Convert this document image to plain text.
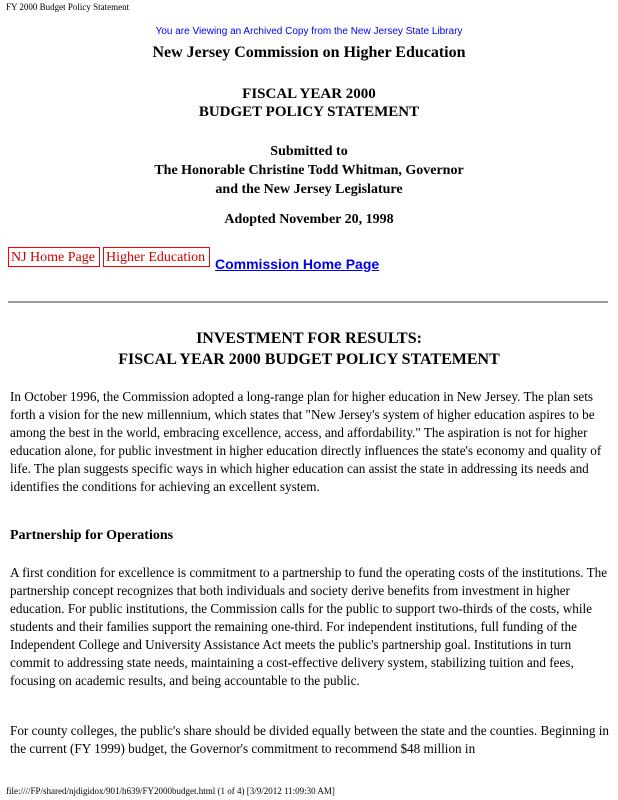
FY 2000 Budget Policy Statement
You are Viewing an Archived Copy from the New Jersey State Library
New Jersey Commission on Higher Education
FISCAL YEAR 2000
BUDGET POLICY STATEMENT
Submitted to
The Honorable Christine Todd Whitman, Governor
and the New Jersey Legislature
Adopted November 20, 1998
NJ Home Page Higher Education Commission Home Page
INVESTMENT FOR RESULTS:
FISCAL YEAR 2000 BUDGET POLICY STATEMENT

In October 1996, the Commission adopted a long-range plan for higher education in New Jersey. The plan sets forth a vision for the new millennium, which states that "New Jersey's system of higher education aspires to be among the best in the world, embracing excellence, access, and affordability." The aspiration is not for higher education alone, for public investment in higher education directly influences the state's economy and quality of life. The plan suggests specific ways in which higher education can assist the state in addressing its needs and identifies the conditions for achieving an excellent system.

Partnership for Operations

A first condition for excellence is commitment to a partnership to fund the operating costs of the institutions. The partnership concept recognizes that both individuals and society derive benefits from investment in higher education. For public institutions, the Commission calls for the public to support two-thirds of the costs, while students and their families support the remaining one-third. For independent institutions, full funding of the Independent College and University Assistance Act meets the public's partnership goal. Institutions in turn commit to addressing state needs, maintaining a cost-effective delivery system, stabilizing tuition and fees, focusing on academic results, and being accountable to the public.

For county colleges, the public's share should be divided equally between the state and the counties. Beginning in the current (FY 1999) budget, the Governor's commitment to recommend $48 million in

file:////FP/shared/njdigidox/901/h639/FY2000budget.html (1 of 4) [3/9/2012 11:09:30 AM]
